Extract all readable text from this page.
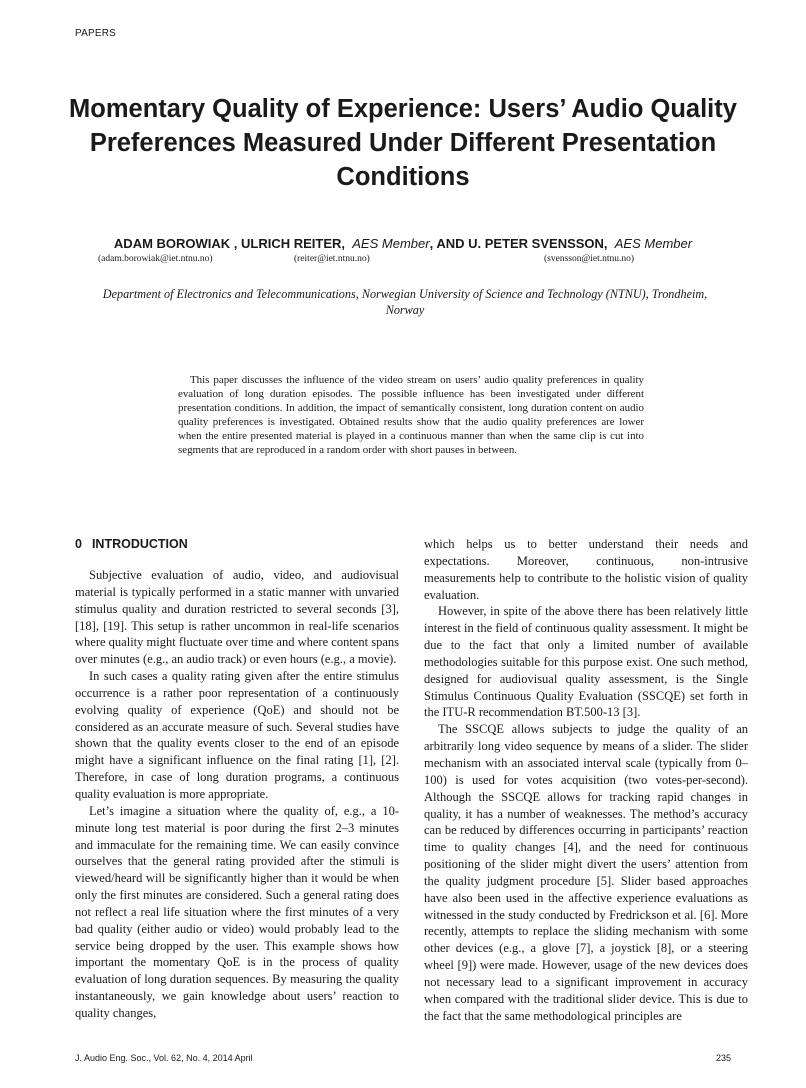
PAPERS
Momentary Quality of Experience: Users’ Audio Quality Preferences Measured Under Different Presentation Conditions
ADAM BOROWIAK , ULRICH REITER, AES Member, AND U. PETER SVENSSON, AES Member
(adam.borowiak@iet.ntnu.no)	(reiter@iet.ntnu.no)	(svensson@iet.ntnu.no)
Department of Electronics and Telecommunications, Norwegian University of Science and Technology (NTNU), Trondheim, Norway
This paper discusses the influence of the video stream on users’ audio quality preferences in quality evaluation of long duration episodes. The possible influence has been investigated under different presentation conditions. In addition, the impact of semantically consistent, long duration content on audio quality preferences is investigated. Obtained results show that the audio quality preferences are lower when the entire presented material is played in a continuous manner than when the same clip is cut into segments that are reproduced in a random order with short pauses in between.
0 INTRODUCTION

Subjective evaluation of audio, video, and audiovisual material is typically performed in a static manner with unvaried stimulus quality and duration restricted to several seconds [3], [18], [19]. This setup is rather uncommon in real-life scenarios where quality might fluctuate over time and where content spans over minutes (e.g., an audio track) or even hours (e.g., a movie).

In such cases a quality rating given after the entire stimulus occurrence is a rather poor representation of a continuously evolving quality of experience (QoE) and should not be considered as an accurate measure of such. Several studies have shown that the quality events closer to the end of an episode might have a significant influence on the final rating [1], [2]. Therefore, in case of long duration programs, a continuous quality evaluation is more appropriate.

Let’s imagine a situation where the quality of, e.g., a 10-minute long test material is poor during the first 2–3 minutes and immaculate for the remaining time. We can easily convince ourselves that the general rating provided after the stimuli is viewed/heard will be significantly higher than it would be when only the first minutes are considered. Such a general rating does not reflect a real life situation where the first minutes of a very bad quality (either audio or video) would probably lead to the service being dropped by the user. This example shows how important the momentary QoE is in the process of quality evaluation of long duration sequences. By measuring the quality instantaneously, we gain knowledge about users’ reaction to quality changes,

which helps us to better understand their needs and expectations. Moreover, continuous, non-intrusive measurements help to contribute to the holistic vision of quality evaluation.

However, in spite of the above there has been relatively little interest in the field of continuous quality assessment. It might be due to the fact that only a limited number of available methodologies suitable for this purpose exist. One such method, designed for audiovisual quality assessment, is the Single Stimulus Continuous Quality Evaluation (SSCQE) set forth in the ITU-R recommendation BT.500-13 [3].

The SSCQE allows subjects to judge the quality of an arbitrarily long video sequence by means of a slider. The slider mechanism with an associated interval scale (typically from 0–100) is used for votes acquisition (two votes-per-second). Although the SSCQE allows for tracking rapid changes in quality, it has a number of weaknesses. The method’s accuracy can be reduced by differences occurring in participants’ reaction time to quality changes [4], and the need for continuous positioning of the slider might divert the users’ attention from the quality judgment procedure [5]. Slider based approaches have also been used in the affective experience evaluations as witnessed in the study conducted by Fredrickson et al. [6]. More recently, attempts to replace the sliding mechanism with some other devices (e.g., a glove [7], a joystick [8], or a steering wheel [9]) were made. However, usage of the new devices does not necessary lead to a significant improvement in accuracy when compared with the traditional slider device. This is due to the fact that the same methodological principles are

J. Audio Eng. Soc., Vol. 62, No. 4, 2014 April	235
